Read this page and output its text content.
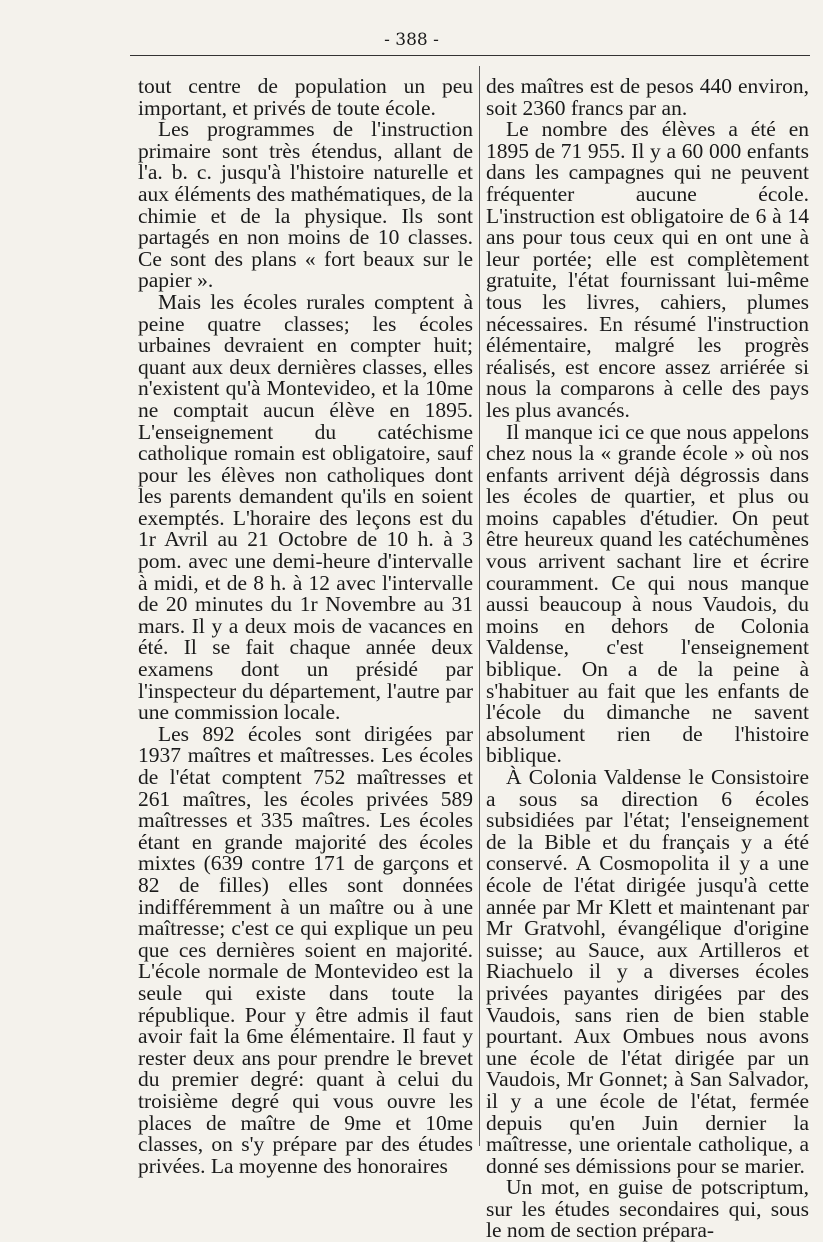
- 388 -

tout centre de population un peu important, et privés de toute école.

Les programmes de l'instruction primaire sont très étendus, allant de l'a. b. c. jusqu'à l'histoire naturelle et aux éléments des mathématiques, de la chimie et de la physique. Ils sont partagés en non moins de 10 classes. Ce sont des plans « fort beaux sur le papier ».

Mais les écoles rurales comptent à peine quatre classes; les écoles urbaines devraient en compter huit; quant aux deux dernières classes, elles n'existent qu'à Montevideo, et la 10me ne comptait aucun élève en 1895. L'enseignement du catéchisme catholique romain est obligatoire, sauf pour les élèves non catholiques dont les parents demandent qu'ils en soient exemptés. L'horaire des leçons est du 1r Avril au 21 Octobre de 10 h. à 3 pom. avec une demi-heure d'intervalle à midi, et de 8 h. à 12 avec l'intervalle de 20 minutes du 1r Novembre au 31 mars. Il y a deux mois de vacances en été. Il se fait chaque année deux examens dont un présidé par l'inspecteur du département, l'autre par une commission locale.

Les 892 écoles sont dirigées par 1937 maîtres et maîtresses. Les écoles de l'état comptent 752 maîtresses et 261 maîtres, les écoles privées 589 maîtresses et 335 maîtres. Les écoles étant en grande majorité des écoles mixtes (639 contre 171 de garçons et 82 de filles) elles sont données indifféremment à un maître ou à une maîtresse; c'est ce qui explique un peu que ces dernières soient en majorité. L'école normale de Montevideo est la seule qui existe dans toute la république. Pour y être admis il faut avoir fait la 6me élémentaire. Il faut y rester deux ans pour prendre le brevet du premier degré: quant à celui du troisième degré qui vous ouvre les places de maître de 9me et 10me classes, on s'y prépare par des études privées. La moyenne des honoraires

des maîtres est de pesos 440 environ, soit 2360 francs par an.

Le nombre des élèves a été en 1895 de 71 955. Il y a 60 000 enfants dans les campagnes qui ne peuvent fréquenter aucune école. L'instruction est obligatoire de 6 à 14 ans pour tous ceux qui en ont une à leur portée; elle est complètement gratuite, l'état fournissant lui-même tous les livres, cahiers, plumes nécessaires. En résumé l'instruction élémentaire, malgré les progrès réalisés, est encore assez arriérée si nous la comparons à celle des pays les plus avancés.

Il manque ici ce que nous appelons chez nous la « grande école » où nos enfants arrivent déjà dégrossis dans les écoles de quartier, et plus ou moins capables d'étudier. On peut être heureux quand les catéchumènes vous arrivent sachant lire et écrire couramment. Ce qui nous manque aussi beaucoup à nous Vaudois, du moins en dehors de Colonia Valdense, c'est l'enseignement biblique. On a de la peine à s'habituer au fait que les enfants de l'école du dimanche ne savent absolument rien de l'histoire biblique.

À Colonia Valdense le Consistoire a sous sa direction 6 écoles subsidiées par l'état; l'enseignement de la Bible et du français y a été conservé. A Cosmopolita il y a une école de l'état dirigée jusqu'à cette année par Mr Klett et maintenant par Mr Gratvohl, évangélique d'origine suisse; au Sauce, aux Artilleros et Riachuelo il y a diverses écoles privées payantes dirigées par des Vaudois, sans rien de bien stable pourtant. Aux Ombues nous avons une école de l'état dirigée par un Vaudois, Mr Gonnet; à San Salvador, il y a une école de l'état, fermée depuis qu'en Juin dernier la maîtresse, une orientale catholique, a donné ses démissions pour se marier.

Un mot, en guise de potscriptum, sur les études secondaires qui, sous le nom de section prépara-
